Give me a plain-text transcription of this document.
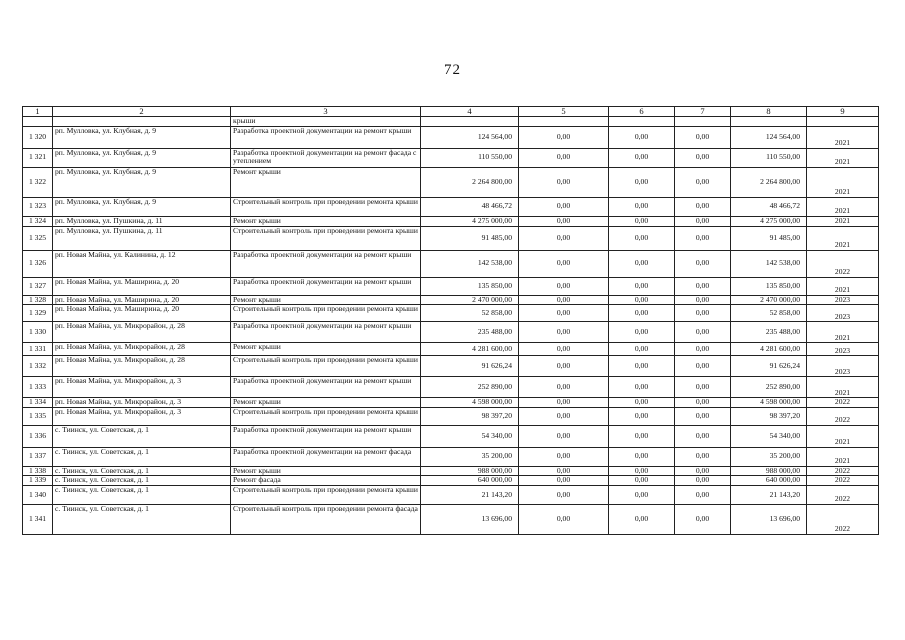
72
1	2	3	4	5	6	7	8	9
		крыши						
1 320	рп. Мулловка, ул. Клубная, д. 9	Разработка проектной документации на ремонт крыши	124 564,00	0,00	0,00	0,00	124 564,00	2021
1 321	рп. Мулловка, ул. Клубная, д. 9	Разработка проектной документации на ремонт фасада с утеплением	110 550,00	0,00	0,00	0,00	110 550,00	2021
1 322	рп. Мулловка, ул. Клубная, д. 9	Ремонт крыши	2 264 800,00	0,00	0,00	0,00	2 264 800,00	2021
1 323	рп. Мулловка, ул. Клубная, д. 9	Строительный контроль при проведении ремонта крыши	48 466,72	0,00	0,00	0,00	48 466,72	2021
1 324	рп. Мулловка, ул. Пушкина, д. 11	Ремонт крыши	4 275 000,00	0,00	0,00	0,00	4 275 000,00	2021
1 325	рп. Мулловка, ул. Пушкина, д. 11	Строительный контроль при проведении ремонта крыши	91 485,00	0,00	0,00	0,00	91 485,00	2021
1 326	рп. Новая Майна, ул. Калинина, д. 12	Разработка проектной документации на ремонт крыши	142 538,00	0,00	0,00	0,00	142 538,00	2022
1 327	рп. Новая Майна, ул. Маширина, д. 20	Разработка проектной документации на ремонт крыши	135 850,00	0,00	0,00	0,00	135 850,00	2021
1 328	рп. Новая Майна, ул. Маширина, д. 20	Ремонт крыши	2 470 000,00	0,00	0,00	0,00	2 470 000,00	2023
1 329	рп. Новая Майна, ул. Маширина, д. 20	Строительный контроль при проведении ремонта крыши	52 858,00	0,00	0,00	0,00	52 858,00	2023
1 330	рп. Новая Майна, ул. Микрорайон, д. 28	Разработка проектной документации на ремонт крыши	235 488,00	0,00	0,00	0,00	235 488,00	2021
1 331	рп. Новая Майна, ул. Микрорайон, д. 28	Ремонт крыши	4 281 600,00	0,00	0,00	0,00	4 281 600,00	2023
1 332	рп. Новая Майна, ул. Микрорайон, д. 28	Строительный контроль при проведении ремонта крыши	91 626,24	0,00	0,00	0,00	91 626,24	2023
1 333	рп. Новая Майна, ул. Микрорайон, д. 3	Разработка проектной документации на ремонт крыши	252 890,00	0,00	0,00	0,00	252 890,00	2021
1 334	рп. Новая Майна, ул. Микрорайон, д. 3	Ремонт крыши	4 598 000,00	0,00	0,00	0,00	4 598 000,00	2022
1 335	рп. Новая Майна, ул. Микрорайон, д. 3	Строительный контроль при проведении ремонта крыши	98 397,20	0,00	0,00	0,00	98 397,20	2022
1 336	с. Тиинск, ул. Советская, д. 1	Разработка проектной документации на ремонт крыши	54 340,00	0,00	0,00	0,00	54 340,00	2021
1 337	с. Тиинск, ул. Советская, д. 1	Разработка проектной документации на ремонт фасада	35 200,00	0,00	0,00	0,00	35 200,00	2021
1 338	с. Тиинск, ул. Советская, д. 1	Ремонт крыши	988 000,00	0,00	0,00	0,00	988 000,00	2022
1 339	с. Тиинск, ул. Советская, д. 1	Ремонт фасада	640 000,00	0,00	0,00	0,00	640 000,00	2022
1 340	с. Тиинск, ул. Советская, д. 1	Строительный контроль при проведении ремонта крыши	21 143,20	0,00	0,00	0,00	21 143,20	2022
1 341	с. Тиинск, ул. Советская, д. 1	Строительный контроль при проведении ремонта фасада	13 696,00	0,00	0,00	0,00	13 696,00	2022
